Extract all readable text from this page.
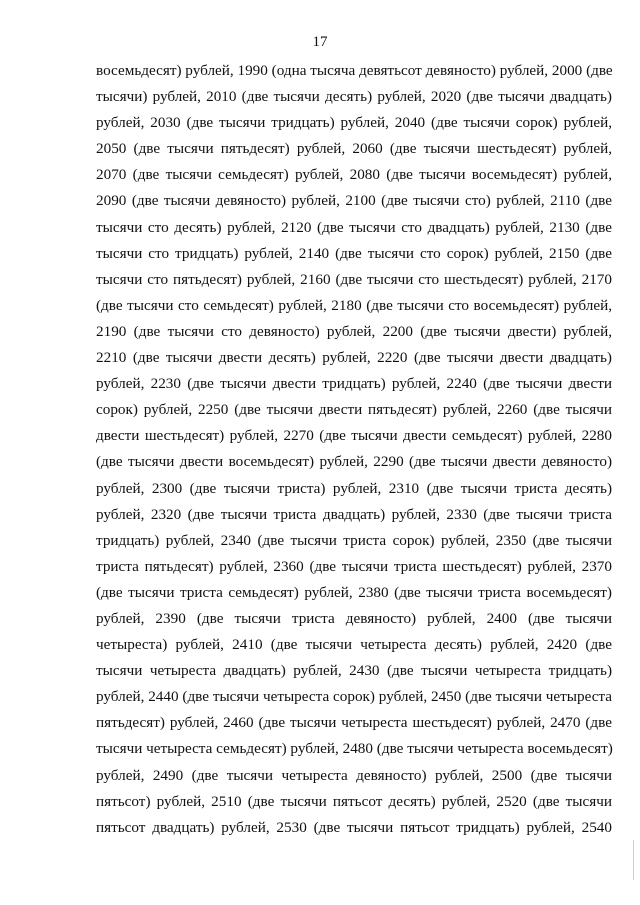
17
восемьдесят) рублей, 1990 (одна тысяча девятьсот девяносто) рублей, 2000 (две
тысячи) рублей, 2010 (две тысячи десять) рублей, 2020 (две тысячи двадцать)
рублей, 2030 (две тысячи тридцать) рублей, 2040 (две тысячи сорок) рублей,
2050 (две тысячи пятьдесят) рублей, 2060 (две тысячи шестьдесят) рублей,
2070 (две тысячи семьдесят) рублей, 2080 (две тысячи восемьдесят) рублей,
2090 (две тысячи девяносто) рублей, 2100 (две тысячи сто) рублей, 2110 (две
тысячи сто десять) рублей, 2120 (две тысячи сто двадцать) рублей, 2130 (две
тысячи сто тридцать) рублей, 2140 (две тысячи сто сорок) рублей, 2150 (две
тысячи сто пятьдесят) рублей, 2160 (две тысячи сто шестьдесят) рублей, 2170
(две тысячи сто семьдесят) рублей, 2180 (две тысячи сто восемьдесят) рублей,
2190 (две тысячи сто девяносто) рублей, 2200 (две тысячи двести) рублей,
2210 (две тысячи двести десять) рублей, 2220 (две тысячи двести двадцать)
рублей, 2230 (две тысячи двести тридцать) рублей, 2240 (две тысячи двести
сорок) рублей, 2250 (две тысячи двести пятьдесят) рублей, 2260 (две тысячи
двести шестьдесят) рублей, 2270 (две тысячи двести семьдесят) рублей, 2280
(две тысячи двести восемьдесят) рублей, 2290 (две тысячи двести девяносто)
рублей, 2300 (две тысячи триста) рублей, 2310 (две тысячи триста десять)
рублей, 2320 (две тысячи триста двадцать) рублей, 2330 (две тысячи триста
тридцать) рублей, 2340 (две тысячи триста сорок) рублей, 2350 (две тысячи
триста пятьдесят) рублей, 2360 (две тысячи триста шестьдесят) рублей, 2370
(две тысячи триста семьдесят) рублей, 2380 (две тысячи триста восемьдесят)
рублей, 2390 (две тысячи триста девяносто) рублей, 2400 (две тысячи
четыреста) рублей, 2410 (две тысячи четыреста десять) рублей, 2420 (две
тысячи четыреста двадцать) рублей, 2430 (две тысячи четыреста тридцать)
рублей, 2440 (две тысячи четыреста сорок) рублей, 2450 (две тысячи четыреста
пятьдесят) рублей, 2460 (две тысячи четыреста шестьдесят) рублей, 2470 (две
тысячи четыреста семьдесят) рублей, 2480 (две тысячи четыреста восемьдесят)
рублей, 2490 (две тысячи четыреста девяносто) рублей, 2500 (две тысячи
пятьсот) рублей, 2510 (две тысячи пятьсот десять) рублей, 2520 (две тысячи
пятьсот двадцать) рублей, 2530 (две тысячи пятьсот тридцать) рублей, 2540
